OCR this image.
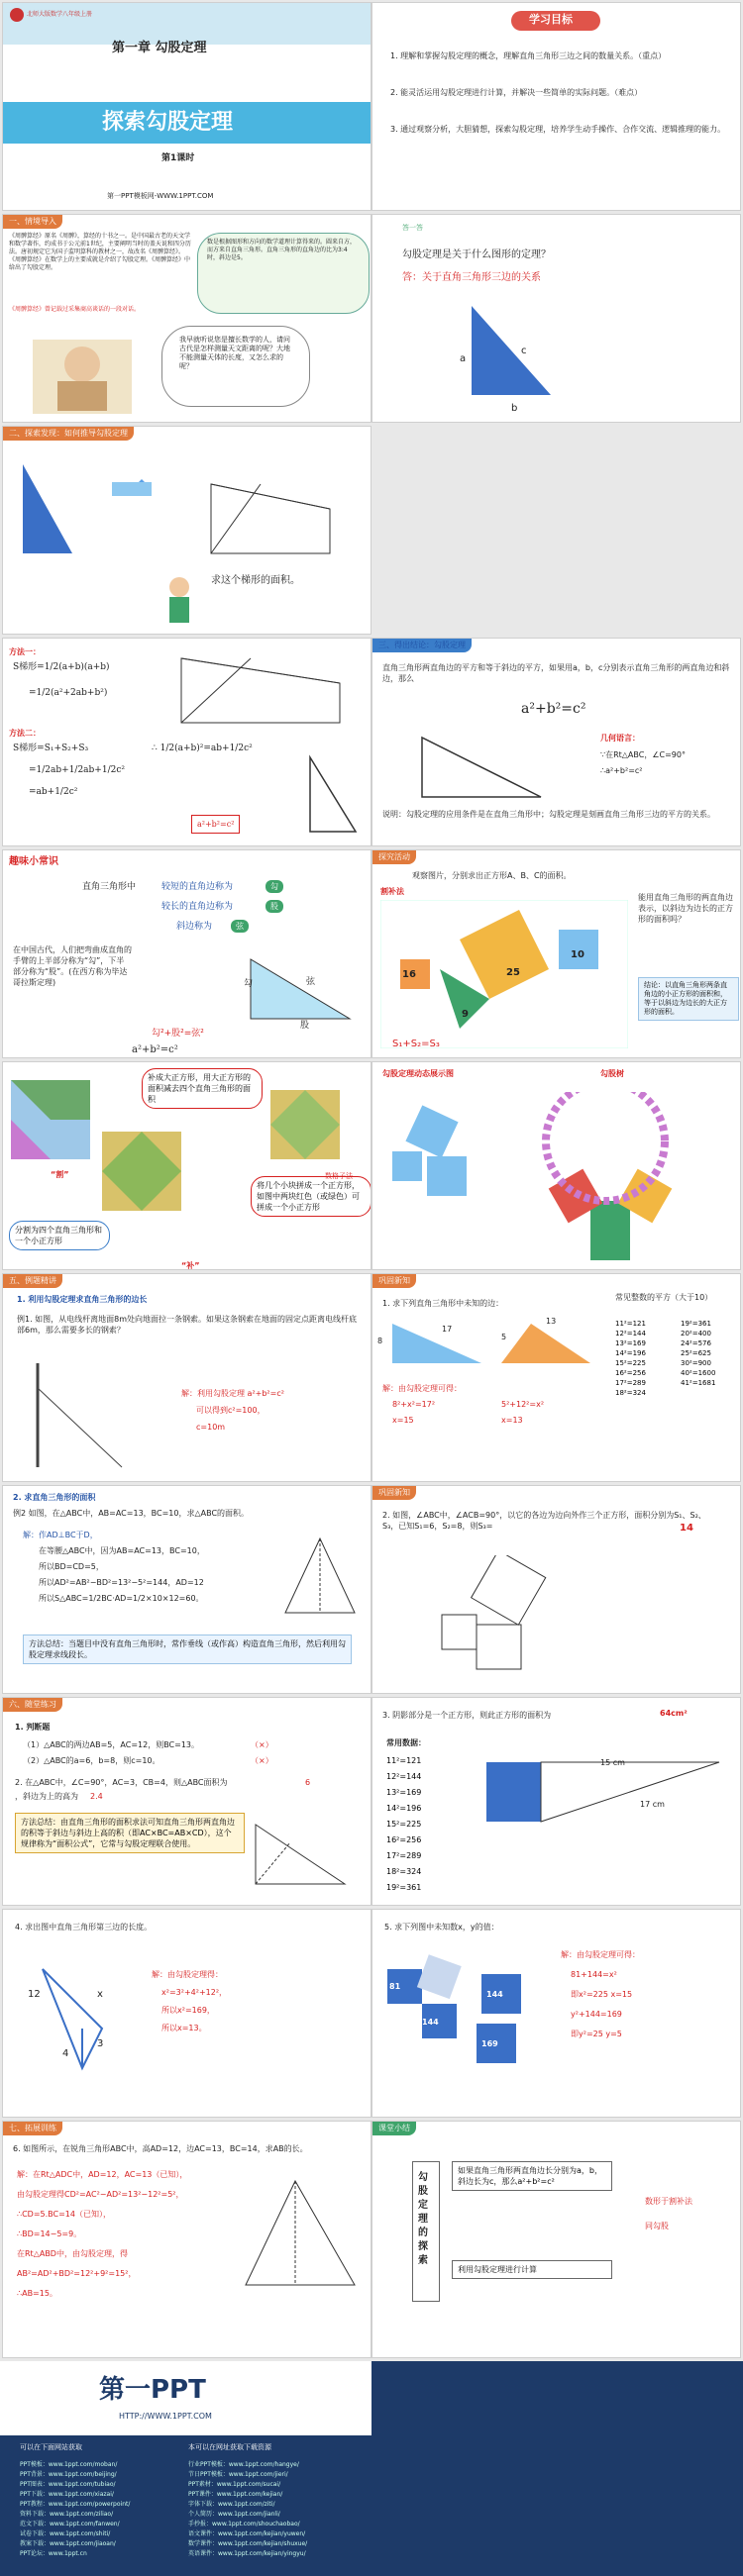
北师大版数学八年级上册
第一章 勾股定理
探索勾股定理
第1课时
第一PPT模板网-WWW.1PPT.COM
学习目标
1. 理解和掌握勾股定理的概念，理解直角三角形三边之间的数量关系。（重点）
2. 能灵活运用勾股定理进行计算，并解决一些简单的实际问题。（难点）
3. 通过观察分析，大胆猜想，探索勾股定理，培养学生动手操作、合作交流、逻辑推理的能力。
一、情境导入
《周髀算经》原名《周髀》，算经的十书之一。是中国最古老的天文学和数学著作，约成书于公元前1世纪，主要阐明当时的盖天说和四分历法。唐初规定它为国子监明算科的教材之一，故改名《周髀算经》。《周髀算经》在数学上的主要成就是介绍了勾股定理。《周髀算经》中给出了勾股定理。
《周髀算经》曾记载过采集商高谈话的一段对话。
我早就听说您是擅长数学的人，请问古代是怎样测量天文距离的呢？大地不能测量天体的长度，又怎么求的呢？
数是根据图形和方向的数学道理计算得来的。圆来自方，而方来自直角三角形。直角三角形的直角边的比为3:4时，斜边是5。
答一答
勾股定理是关于什么图形的定理？
答：关于直角三角形三边的关系
a
b
c
二、探索发现：如何推导勾股定理
求这个梯形的面积。
方法一：
S梯形=1/2(a+b)(a+b)
=1/2(a²+2ab+b²)
方法二：
S梯形=S₁+S₂+S₃
=1/2ab+1/2ab+1/2c²
=ab+1/2c²
∴ 1/2(a+b)²=ab+1/2c²
a²+b²=c²
三、得出结论：勾股定理
直角三角形两直角边的平方和等于斜边的平方，如果用a，b，c分别表示直角三角形的两直角边和斜边，那么
a²+b²=c²
几何语言：
∵在Rt△ABC，∠C=90°
∴a²+b²=c²
说明：勾股定理的应用条件是在直角三角形中；勾股定理是刻画直角三角形三边的平方的关系。
趣味小常识
直角三角形中	较短的直角边称为	勾
较长的直角边称为	股
斜边称为	弦
在中国古代，人们把弯曲成直角的手臂的上半部分称为“勾”，下半部分称为“股”。(在西方称为毕达哥拉斯定理)
勾²+股²=弦²
a²+b²=c²
勾
股
弦
探究活动
观察图片，分别求出正方形A、B、C的面积。
割补法
16
9
25
10
S₁+S₂=S₃
能用直角三角形的两直角边表示，以斜边为边长的正方形的面积吗？
结论：以直角三角形两条直角边的小正方形的面积和，等于以斜边为边长的大正方形的面积。
补成大正方形，用大正方形的面积减去四个直角三角形的面积
分割为四个直角三角形和一个小正方形
将几个小块拼成一个正方形，如图中两块红色（或绿色）可拼成一个小正方形
“割”
“补”
数格子法
勾股定理动态展示图	勾股树
五、例题精讲
1. 利用勾股定理求直角三角形的边长
例1. 如图，从电线杆离地面8m处向地面拉一条钢索。如果这条钢索在地面的固定点距离电线杆底部6m，那么需要多长的钢索？
解：利用勾股定理 a²+b²=c²
可以得到c²=100，
c=10m
巩固新知
1. 求下列直角三角形中未知的边：
8
17
5
13
解：由勾股定理可得：
8²+x²=17²
x=15
5²+12²=x²
x=13
常见整数的平方（大于10）
11²=121
12²=144
13²=169
14²=196
15²=225
16²=256
17²=289
18²=324
19²=361
20²=400
24²=576
25²=625
30²=900
40²=1600
41²=1681
2. 求直角三角形的面积
例2 如图，在△ABC中，AB=AC=13，BC=10，求△ABC的面积。
解：作AD⊥BC于D，
在等腰△ABC中，因为AB=AC=13，BC=10，
所以BD=CD=5，
所以AD²=AB²−BD²=13²−5²=144，AD=12
所以S△ABC=1/2BC·AD=1/2×10×12=60。
方法总结：当题目中没有直角三角形时，常作垂线（或作高）构造直角三角形，然后利用勾股定理求线段长。
巩固新知
2. 如图，∠ABC中，∠ACB=90°，以它的各边为边向外作三个正方形，面积分别为S₁、S₂、S₃，已知S₁=6，S₂=8，则S₃=	14
六、随堂练习
1. 判断题
（1）△ABC的两边AB=5，AC=12，则BC=13。	（×）
（2）△ABC的a=6，b=8，则c=10。	（×）
2. 在△ABC中，∠C=90°，AC=3，CB=4，则△ABC面积为	6
，斜边为上的高为 2.4
方法总结：由直角三角形的面积求法可知直角三角形两直角边的积等于斜边与斜边上高的积（即AC×BC=AB×CD），这个规律称为“面积公式”，它常与勾股定理联合使用。
3. 阴影部分是一个正方形，则此正方形的面积为	64cm²
常用数据：
11²=121
12²=144
13²=169
14²=196
15²=225
16²=256
17²=289
18²=324
19²=361
15 cm
17 cm
4. 求出图中直角三角形第三边的长度。
12	x
4
3
解：由勾股定理得：
x²=3²+4²+12²，
所以x²=169，
所以x=13。
5. 求下列图中未知数x，y的值：
81
144
144
169
解：由勾股定理可得：
81+144=x²
即x²=225 x=15
y²+144=169
即y²=25 y=5
七、拓展训练
6. 如图所示，在锐角三角形ABC中，高AD=12，边AC=13，BC=14，求AB的长。
解：在Rt△ADC中，AD=12，AC=13（已知），
由勾股定理得CD²=AC²−AD²=13²−12²=5²，
∴CD=5.BC=14（已知），
∴BD=14−5=9。
在Rt△ABD中，由勾股定理，得
AB²=AD²+BD²=12²+9²=15²，
∴AB=15。
课堂小结
勾股定理的探索
如果直角三角形两直角边长分别为a，b，斜边长为c，那么a²+b²=c²
利用勾股定理进行计算
数形于割补法
同勾股
第一PPT
HTTP://WWW.1PPT.COM
可以在下面网站获取	本可以在网址获取下载资源
PPT模板：www.1ppt.com/moban/
PPT背景：www.1ppt.com/beijing/
PPT图表：www.1ppt.com/tubiao/
PPT下载：www.1ppt.com/xiazai/
PPT教程：www.1ppt.com/powerpoint/
资料下载：www.1ppt.com/ziliao/
范文下载：www.1ppt.com/fanwen/
试卷下载：www.1ppt.com/shiti/
教案下载：www.1ppt.com/jiaoan/
PPT论坛：www.1ppt.cn
行业PPT模板：www.1ppt.com/hangye/
节日PPT模板：www.1ppt.com/jieri/
PPT素材：www.1ppt.com/sucai/
PPT课件：www.1ppt.com/kejian/
字体下载：www.1ppt.com/ziti/
个人简历：www.1ppt.com/jianli/
手抄报：www.1ppt.com/shouchaobao/
语文课件：www.1ppt.com/kejian/yuwen/
数学课件：www.1ppt.com/kejian/shuxue/
英语课件：www.1ppt.com/kejian/yingyu/
